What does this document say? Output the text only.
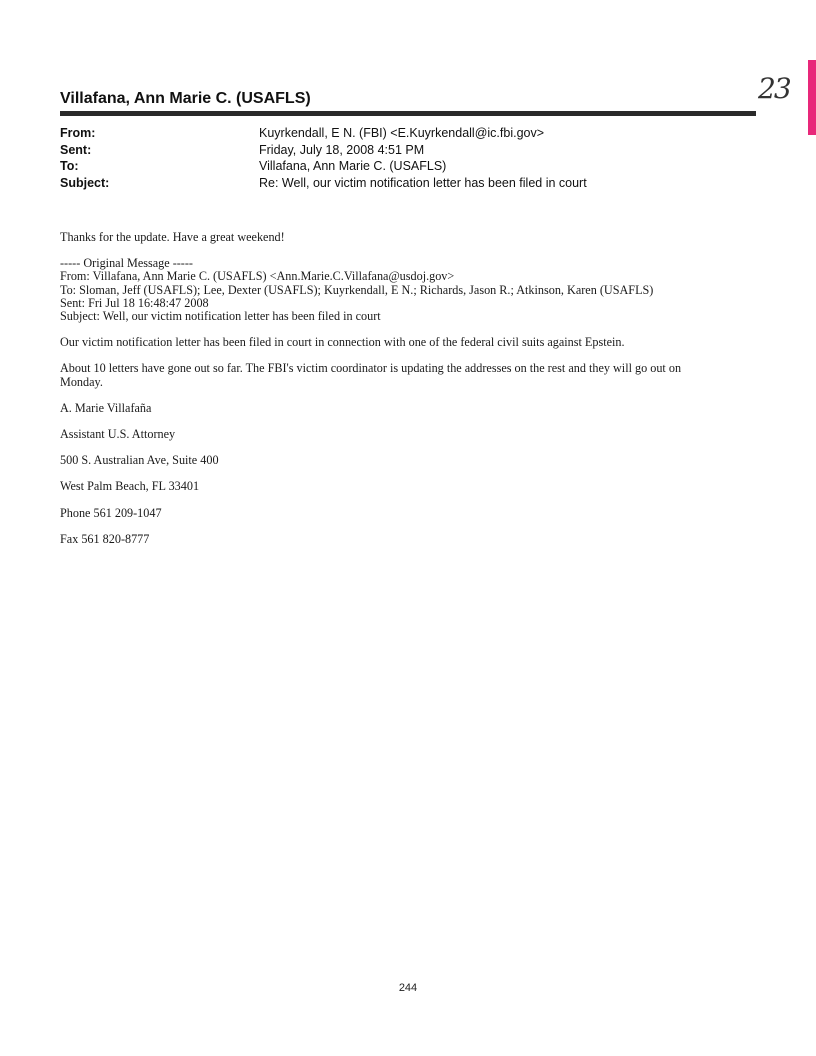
23
Villafana, Ann Marie C. (USAFLS)
From:	Kuyrkendall, E N. (FBI) <E.Kuyrkendall@ic.fbi.gov>
Sent:	Friday, July 18, 2008 4:51 PM
To:	Villafana, Ann Marie C. (USAFLS)
Subject:	Re: Well, our victim notification letter has been filed in court

Thanks for the update. Have a great weekend!

----- Original Message -----

From: Villafana, Ann Marie C. (USAFLS) <Ann.Marie.C.Villafana@usdoj.gov>

To: Sloman, Jeff (USAFLS); Lee, Dexter (USAFLS); Kuyrkendall, E N.; Richards, Jason R.; Atkinson, Karen (USAFLS)

Sent: Fri Jul 18 16:48:47 2008

Subject: Well, our victim notification letter has been filed in court

Our victim notification letter has been filed in court in connection with one of the federal civil suits against Epstein.

About 10 letters have gone out so far. The FBI's victim coordinator is updating the addresses on the rest and they will go out on

Monday.

A. Marie Villafaña

Assistant U.S. Attorney

500 S. Australian Ave, Suite 400

West Palm Beach, FL 33401

Phone 561 209-1047

Fax 561 820-8777

244
